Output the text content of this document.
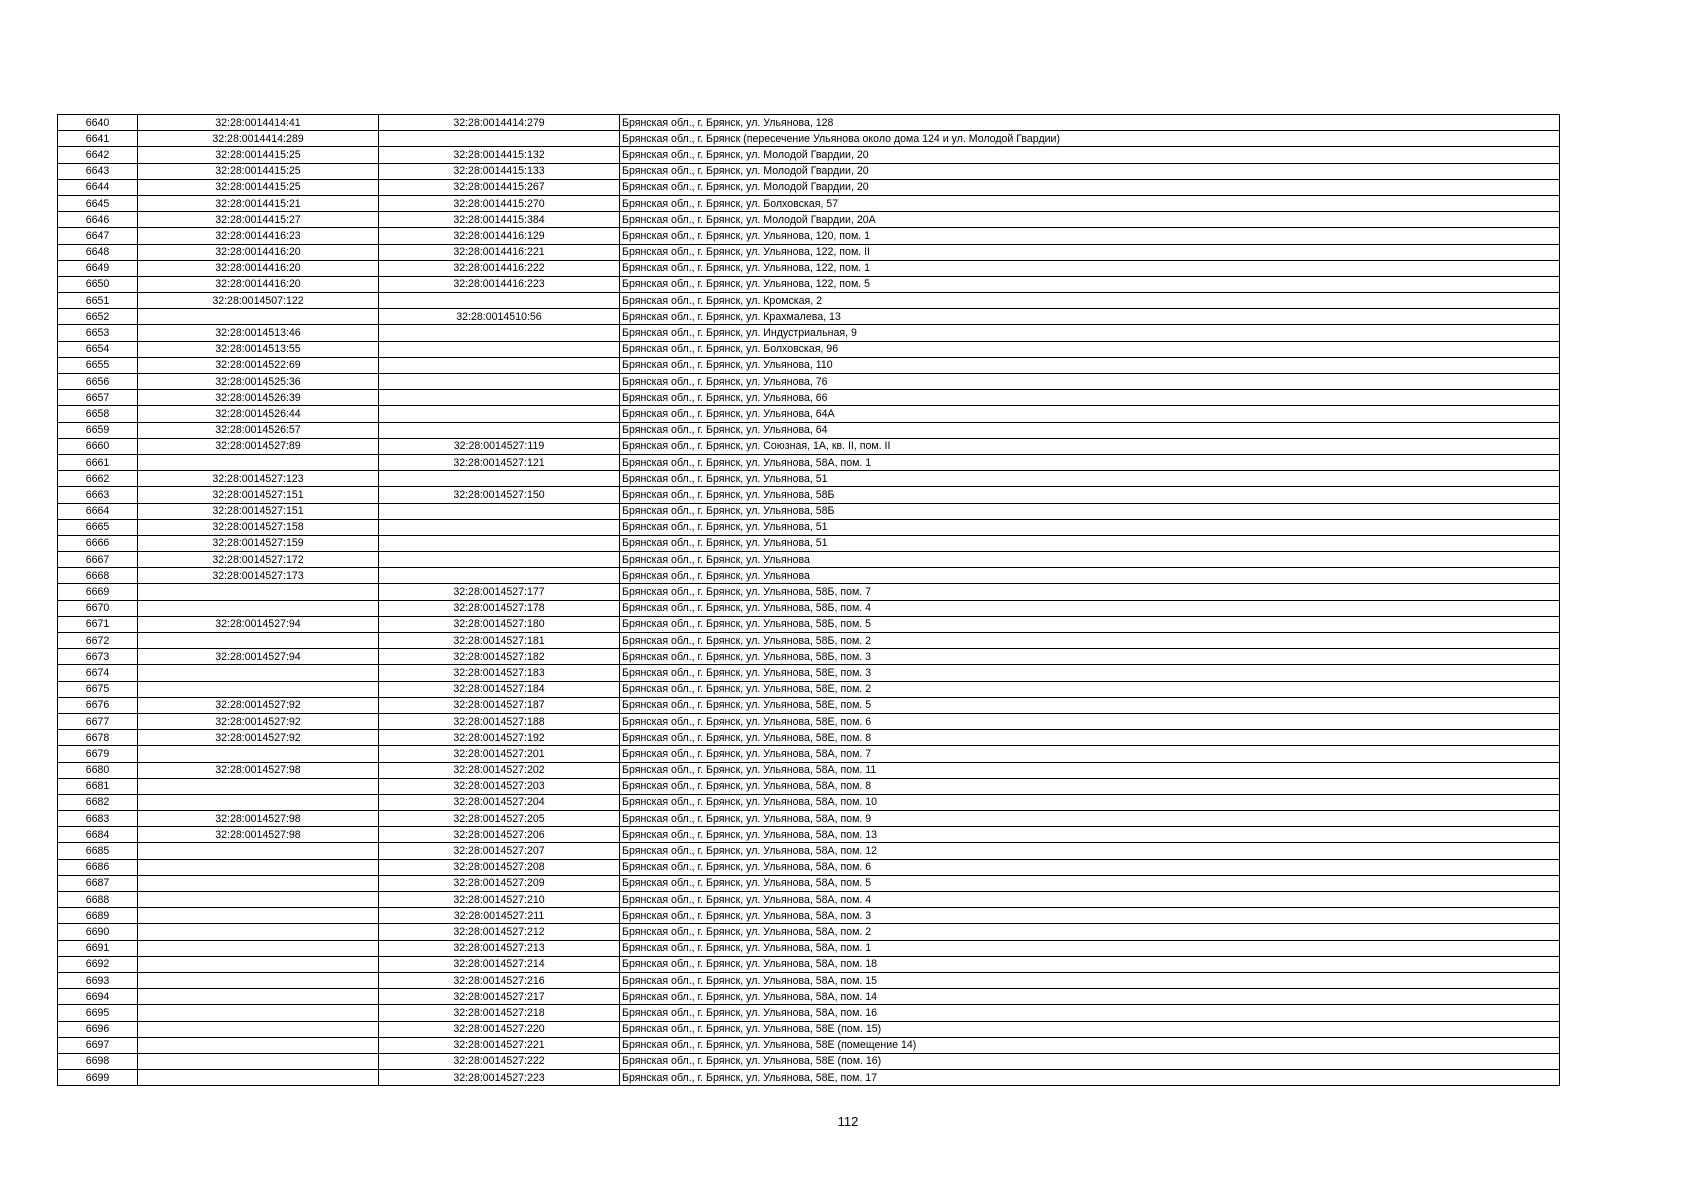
6640	32:28:0014414:41	32:28:0014414:279	Брянская обл., г. Брянск, ул. Ульянова, 128
6641	32:28:0014414:289		Брянская обл., г. Брянск (пересечение Ульянова около дома 124 и ул. Молодой Гвардии)
6642	32:28:0014415:25	32:28:0014415:132	Брянская обл., г. Брянск, ул. Молодой Гвардии, 20
6643	32:28:0014415:25	32:28:0014415:133	Брянская обл., г. Брянск, ул. Молодой Гвардии, 20
6644	32:28:0014415:25	32:28:0014415:267	Брянская обл., г. Брянск, ул. Молодой Гвардии, 20
6645	32:28:0014415:21	32:28:0014415:270	Брянская обл., г. Брянск, ул. Болховская, 57
6646	32:28:0014415:27	32:28:0014415:384	Брянская обл., г. Брянск, ул. Молодой Гвардии, 20А
6647	32:28:0014416:23	32:28:0014416:129	Брянская обл., г. Брянск, ул. Ульянова, 120, пом. 1
6648	32:28:0014416:20	32:28:0014416:221	Брянская обл., г. Брянск, ул. Ульянова, 122, пом. II
6649	32:28:0014416:20	32:28:0014416:222	Брянская обл., г. Брянск, ул. Ульянова, 122, пом. 1
6650	32:28:0014416:20	32:28:0014416:223	Брянская обл., г. Брянск, ул. Ульянова, 122, пом. 5
6651	32:28:0014507:122		Брянская обл., г. Брянск, ул. Кромская, 2
6652		32:28:0014510:56	Брянская обл., г. Брянск, ул. Крахмалева, 13
6653	32:28:0014513:46		Брянская обл., г. Брянск, ул. Индустриальная, 9
6654	32:28:0014513:55		Брянская обл., г. Брянск, ул. Болховская, 96
6655	32:28:0014522:69		Брянская обл., г. Брянск, ул. Ульянова, 110
6656	32:28:0014525:36		Брянская обл., г. Брянск, ул. Ульянова, 76
6657	32:28:0014526:39		Брянская обл., г. Брянск, ул. Ульянова, 66
6658	32:28:0014526:44		Брянская обл., г. Брянск, ул. Ульянова, 64А
6659	32:28:0014526:57		Брянская обл., г. Брянск, ул. Ульянова, 64
6660	32:28:0014527:89	32:28:0014527:119	Брянская обл., г. Брянск, ул. Союзная, 1А, кв. II, пом. II
6661		32:28:0014527:121	Брянская обл., г. Брянск, ул. Ульянова, 58А, пом. 1
6662	32:28:0014527:123		Брянская обл., г. Брянск, ул. Ульянова, 51
6663	32:28:0014527:151	32:28:0014527:150	Брянская обл., г. Брянск, ул. Ульянова, 58Б
6664	32:28:0014527:151		Брянская обл., г. Брянск, ул. Ульянова, 58Б
6665	32:28:0014527:158		Брянская обл., г. Брянск, ул. Ульянова, 51
6666	32:28:0014527:159		Брянская обл., г. Брянск, ул. Ульянова, 51
6667	32:28:0014527:172		Брянская обл., г. Брянск, ул. Ульянова
6668	32:28:0014527:173		Брянская обл., г. Брянск, ул. Ульянова
6669		32:28:0014527:177	Брянская обл., г. Брянск, ул. Ульянова, 58Б, пом. 7
6670		32:28:0014527:178	Брянская обл., г. Брянск, ул. Ульянова, 58Б, пом. 4
6671	32:28:0014527:94	32:28:0014527:180	Брянская обл., г. Брянск, ул. Ульянова, 58Б, пом. 5
6672		32:28:0014527:181	Брянская обл., г. Брянск, ул. Ульянова, 58Б, пом. 2
6673	32:28:0014527:94	32:28:0014527:182	Брянская обл., г. Брянск, ул. Ульянова, 58Б, пом. 3
6674		32:28:0014527:183	Брянская обл., г. Брянск, ул. Ульянова, 58Е, пом. 3
6675		32:28:0014527:184	Брянская обл., г. Брянск, ул. Ульянова, 58Е, пом. 2
6676	32:28:0014527:92	32:28:0014527:187	Брянская обл., г. Брянск, ул. Ульянова, 58Е, пом. 5
6677	32:28:0014527:92	32:28:0014527:188	Брянская обл., г. Брянск, ул. Ульянова, 58Е, пом. 6
6678	32:28:0014527:92	32:28:0014527:192	Брянская обл., г. Брянск, ул. Ульянова, 58Е, пом. 8
6679		32:28:0014527:201	Брянская обл., г. Брянск, ул. Ульянова, 58А, пом. 7
6680	32:28:0014527:98	32:28:0014527:202	Брянская обл., г. Брянск, ул. Ульянова, 58А, пом. 11
6681		32:28:0014527:203	Брянская обл., г. Брянск, ул. Ульянова, 58А, пом. 8
6682		32:28:0014527:204	Брянская обл., г. Брянск, ул. Ульянова, 58А, пом. 10
6683	32:28:0014527:98	32:28:0014527:205	Брянская обл., г. Брянск, ул. Ульянова, 58А, пом. 9
6684	32:28:0014527:98	32:28:0014527:206	Брянская обл., г. Брянск, ул. Ульянова, 58А, пом. 13
6685		32:28:0014527:207	Брянская обл., г. Брянск, ул. Ульянова, 58А, пом. 12
6686		32:28:0014527:208	Брянская обл., г. Брянск, ул. Ульянова, 58А, пом. 6
6687		32:28:0014527:209	Брянская обл., г. Брянск, ул. Ульянова, 58А, пом. 5
6688		32:28:0014527:210	Брянская обл., г. Брянск, ул. Ульянова, 58А, пом. 4
6689		32:28:0014527:211	Брянская обл., г. Брянск, ул. Ульянова, 58А, пом. 3
6690		32:28:0014527:212	Брянская обл., г. Брянск, ул. Ульянова, 58А, пом. 2
6691		32:28:0014527:213	Брянская обл., г. Брянск, ул. Ульянова, 58А, пом. 1
6692		32:28:0014527:214	Брянская обл., г. Брянск, ул. Ульянова, 58А, пом. 18
6693		32:28:0014527:216	Брянская обл., г. Брянск, ул. Ульянова, 58А, пом. 15
6694		32:28:0014527:217	Брянская обл., г. Брянск, ул. Ульянова, 58А, пом. 14
6695		32:28:0014527:218	Брянская обл., г. Брянск, ул. Ульянова, 58А, пом. 16
6696		32:28:0014527:220	Брянская обл., г. Брянск, ул. Ульянова, 58Е (пом. 15)
6697		32:28:0014527:221	Брянская обл., г. Брянск, ул. Ульянова, 58Е (помещение 14)
6698		32:28:0014527:222	Брянская обл., г. Брянск, ул. Ульянова, 58Е (пом. 16)
6699		32:28:0014527:223	Брянская обл., г. Брянск, ул. Ульянова, 58Е, пом. 17
112
